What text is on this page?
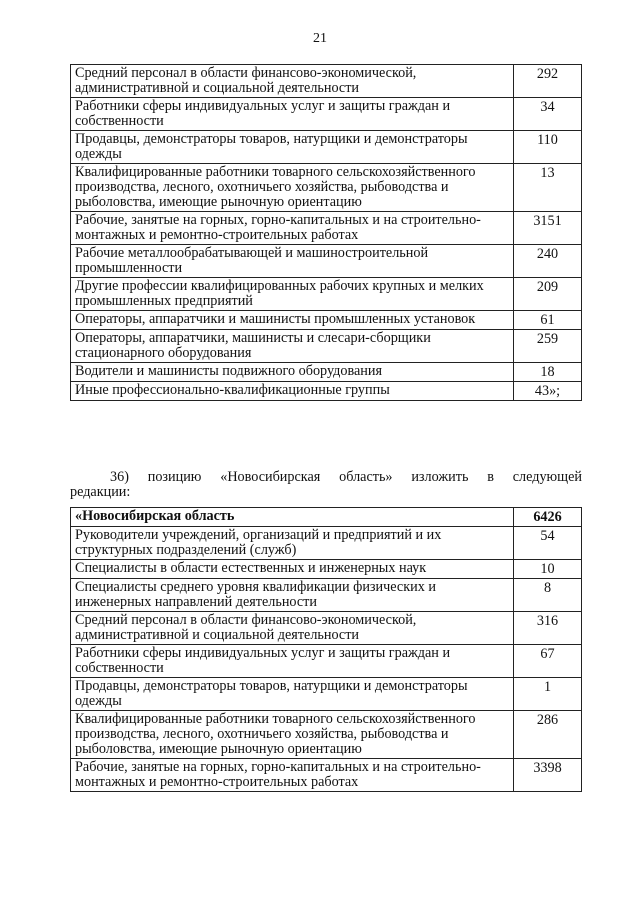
21
Средний персонал в области финансово-экономической, административной и социальной деятельности	292
Работники сферы индивидуальных услуг и защиты граждан и собственности	34
Продавцы, демонстраторы товаров, натурщики и демонстраторы одежды	110
Квалифицированные работники товарного сельскохозяйственного производства, лесного, охотничьего хозяйства, рыбоводства и рыболовства, имеющие рыночную ориентацию	13
Рабочие, занятые на горных, горно-капитальных и на строительно-монтажных и ремонтно-строительных работах	3151
Рабочие металлообрабатывающей и машиностроительной промышленности	240
Другие профессии квалифицированных рабочих крупных и мелких промышленных предприятий	209
Операторы, аппаратчики и машинисты промышленных установок	61
Операторы, аппаратчики, машинисты и слесари-сборщики стационарного оборудования	259
Водители и машинисты подвижного оборудования	18
Иные профессионально-квалификационные группы	43»;
36) позицию «Новосибирская область» изложить в следующей
редакции:
«Новосибирская область	6426
Руководители учреждений, организаций и предприятий и их структурных подразделений (служб)	54
Специалисты в области естественных и инженерных наук	10
Специалисты среднего уровня квалификации физических и инженерных направлений деятельности	8
Средний персонал в области финансово-экономической, административной и социальной деятельности	316
Работники сферы индивидуальных услуг и защиты граждан и собственности	67
Продавцы, демонстраторы товаров, натурщики и демонстраторы одежды	1
Квалифицированные работники товарного сельскохозяйственного производства, лесного, охотничьего хозяйства, рыбоводства и рыболовства, имеющие рыночную ориентацию	286
Рабочие, занятые на горных, горно-капитальных и на строительно-монтажных и ремонтно-строительных работах	3398
